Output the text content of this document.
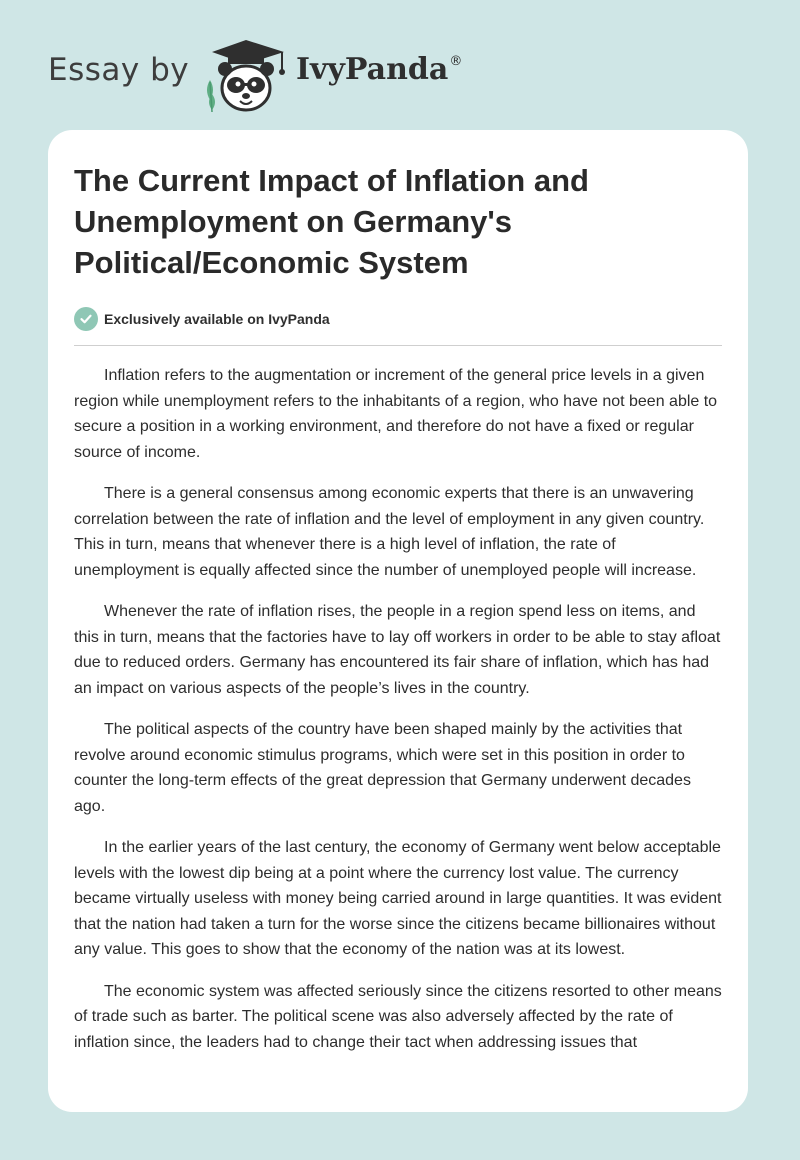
Essay by	IvyPanda®
The Current Impact of Inflation and Unemployment on Germany's Political/Economic System
Exclusively available on IvyPanda

Inflation refers to the augmentation or increment of the general price levels in a given region while unemployment refers to the inhabitants of a region, who have not been able to secure a position in a working environment, and therefore do not have a fixed or regular source of income.

There is a general consensus among economic experts that there is an unwavering correlation between the rate of inflation and the level of employment in any given country. This in turn, means that whenever there is a high level of inflation, the rate of unemployment is equally affected since the number of unemployed people will increase.

Whenever the rate of inflation rises, the people in a region spend less on items, and this in turn, means that the factories have to lay off workers in order to be able to stay afloat due to reduced orders. Germany has encountered its fair share of inflation, which has had an impact on various aspects of the people’s lives in the country.

The political aspects of the country have been shaped mainly by the activities that revolve around economic stimulus programs, which were set in this position in order to counter the long-term effects of the great depression that Germany underwent decades ago.

In the earlier years of the last century, the economy of Germany went below acceptable levels with the lowest dip being at a point where the currency lost value. The currency became virtually useless with money being carried around in large quantities. It was evident that the nation had taken a turn for the worse since the citizens became billionaires without any value. This goes to show that the economy of the nation was at its lowest.

The economic system was affected seriously since the citizens resorted to other means of trade such as barter. The political scene was also adversely affected by the rate of inflation since, the leaders had to change their tact when addressing issues that
